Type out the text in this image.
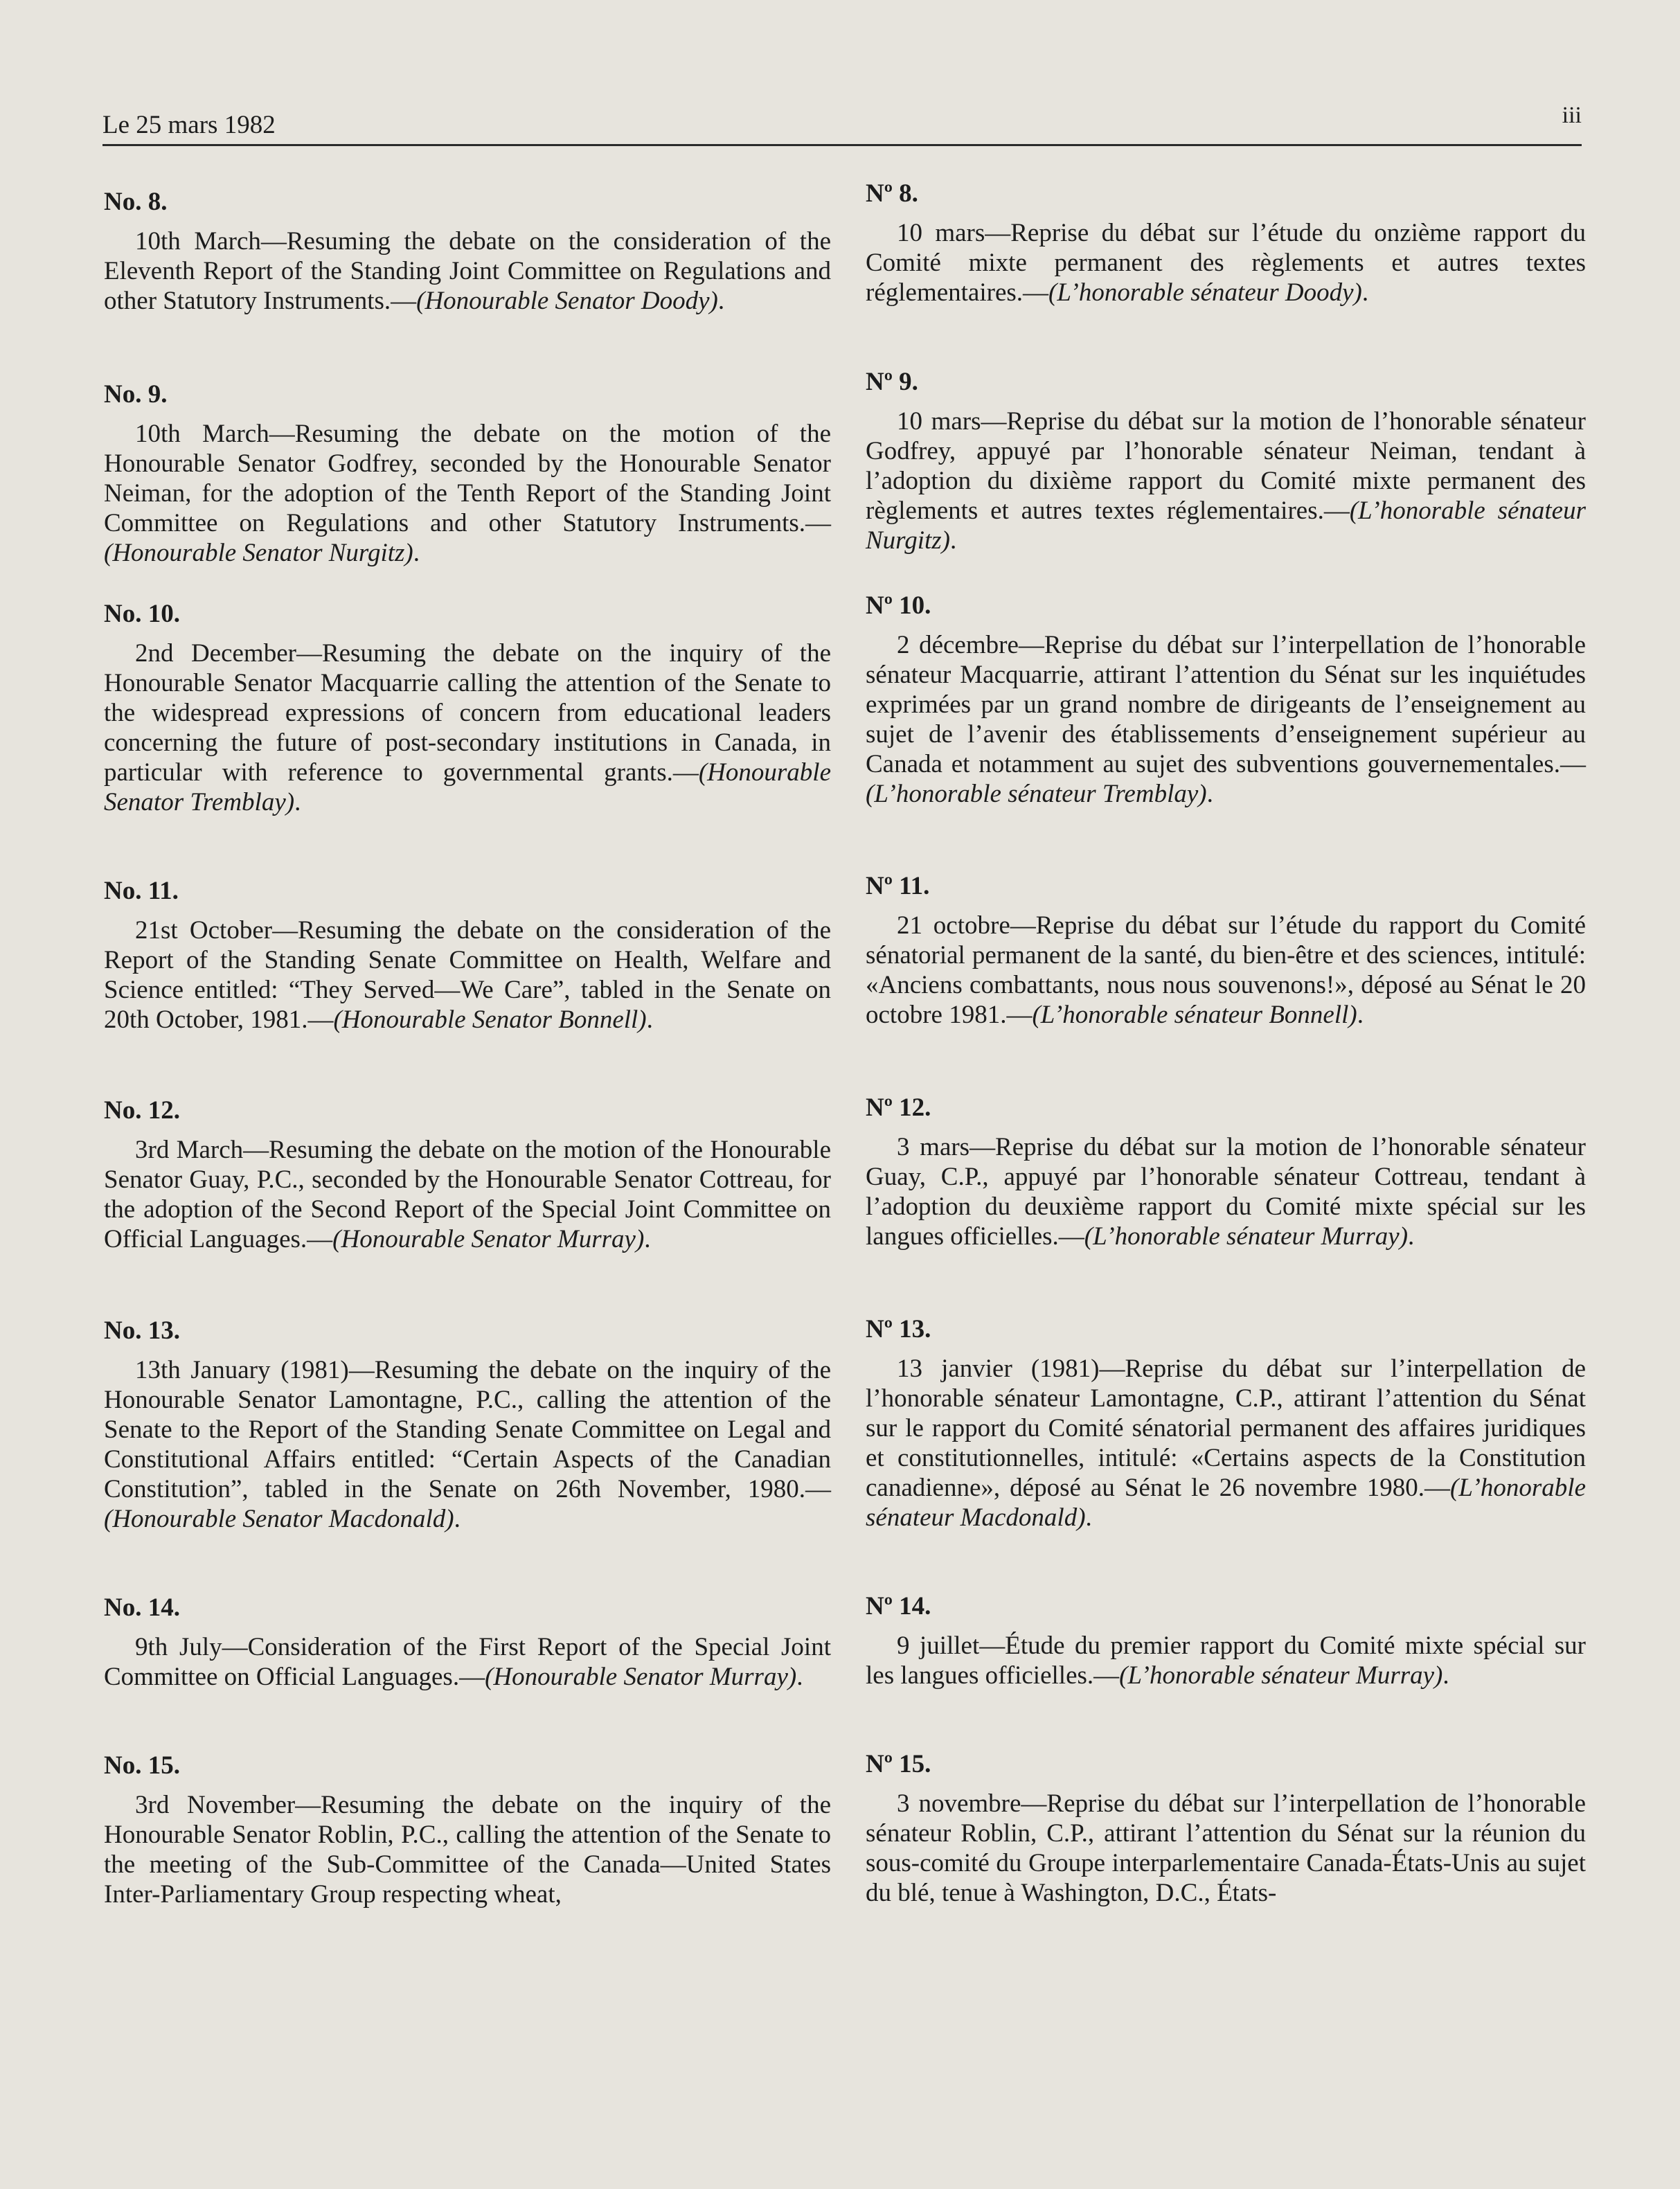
Le 25 mars 1982	iii

No. 8.

10th March—Resuming the debate on the consideration of the Eleventh Report of the Standing Joint Committee on Regulations and other Statutory Instruments.—(Honourable Senator Doody).

No. 9.

10th March—Resuming the debate on the motion of the Honourable Senator Godfrey, seconded by the Honourable Senator Neiman, for the adoption of the Tenth Report of the Standing Joint Committee on Regulations and other Statutory Instruments.—(Honourable Senator Nurgitz).

No. 10.

2nd December—Resuming the debate on the inquiry of the Honourable Senator Macquarrie calling the attention of the Senate to the widespread expressions of concern from educational leaders concerning the future of post-secondary institutions in Canada, in particular with reference to governmental grants.—(Honourable Senator Tremblay).

No. 11.

21st October—Resuming the debate on the consideration of the Report of the Standing Senate Committee on Health, Welfare and Science entitled: “They Served—We Care”, tabled in the Senate on 20th October, 1981.—(Honourable Senator Bonnell).

No. 12.

3rd March—Resuming the debate on the motion of the Honourable Senator Guay, P.C., seconded by the Honourable Senator Cottreau, for the adoption of the Second Report of the Special Joint Committee on Official Languages.—(Honourable Senator Murray).

No. 13.

13th January (1981)—Resuming the debate on the inquiry of the Honourable Senator Lamontagne, P.C., calling the attention of the Senate to the Report of the Standing Senate Committee on Legal and Constitutional Affairs entitled: “Certain Aspects of the Canadian Constitution”, tabled in the Senate on 26th November, 1980.—(Honourable Senator Macdonald).

No. 14.

9th July—Consideration of the First Report of the Special Joint Committee on Official Languages.—(Honourable Senator Murray).

No. 15.

3rd November—Resuming the debate on the inquiry of the Honourable Senator Roblin, P.C., calling the attention of the Senate to the meeting of the Sub-Committee of the Canada—United States Inter-Parliamentary Group respecting wheat,

Nº 8.

10 mars—Reprise du débat sur l’étude du onzième rapport du Comité mixte permanent des règlements et autres textes réglementaires.—(L’honorable sénateur Doody).

Nº 9.

10 mars—Reprise du débat sur la motion de l’honorable sénateur Godfrey, appuyé par l’honorable sénateur Neiman, tendant à l’adoption du dixième rapport du Comité mixte permanent des règlements et autres textes réglementaires.—(L’honorable sénateur Nurgitz).

Nº 10.

2 décembre—Reprise du débat sur l’interpellation de l’honorable sénateur Macquarrie, attirant l’attention du Sénat sur les inquiétudes exprimées par un grand nombre de dirigeants de l’enseignement au sujet de l’avenir des établissements d’enseignement supérieur au Canada et notamment au sujet des subventions gouvernementales.—(L’honorable sénateur Tremblay).

Nº 11.

21 octobre—Reprise du débat sur l’étude du rapport du Comité sénatorial permanent de la santé, du bien-être et des sciences, intitulé: «Anciens combattants, nous nous souvenons!», déposé au Sénat le 20 octobre 1981.—(L’honorable sénateur Bonnell).

Nº 12.

3 mars—Reprise du débat sur la motion de l’honorable sénateur Guay, C.P., appuyé par l’honorable sénateur Cottreau, tendant à l’adoption du deuxième rapport du Comité mixte spécial sur les langues officielles.—(L’honorable sénateur Murray).

Nº 13.

13 janvier (1981)—Reprise du débat sur l’interpellation de l’honorable sénateur Lamontagne, C.P., attirant l’attention du Sénat sur le rapport du Comité sénatorial permanent des affaires juridiques et constitutionnelles, intitulé: «Certains aspects de la Constitution canadienne», déposé au Sénat le 26 novembre 1980.—(L’honorable sénateur Macdonald).

Nº 14.

9 juillet—Étude du premier rapport du Comité mixte spécial sur les langues officielles.—(L’honorable sénateur Murray).

Nº 15.

3 novembre—Reprise du débat sur l’interpellation de l’honorable sénateur Roblin, C.P., attirant l’attention du Sénat sur la réunion du sous-comité du Groupe interparlementaire Canada-États-Unis au sujet du blé, tenue à Washington, D.C., États-
